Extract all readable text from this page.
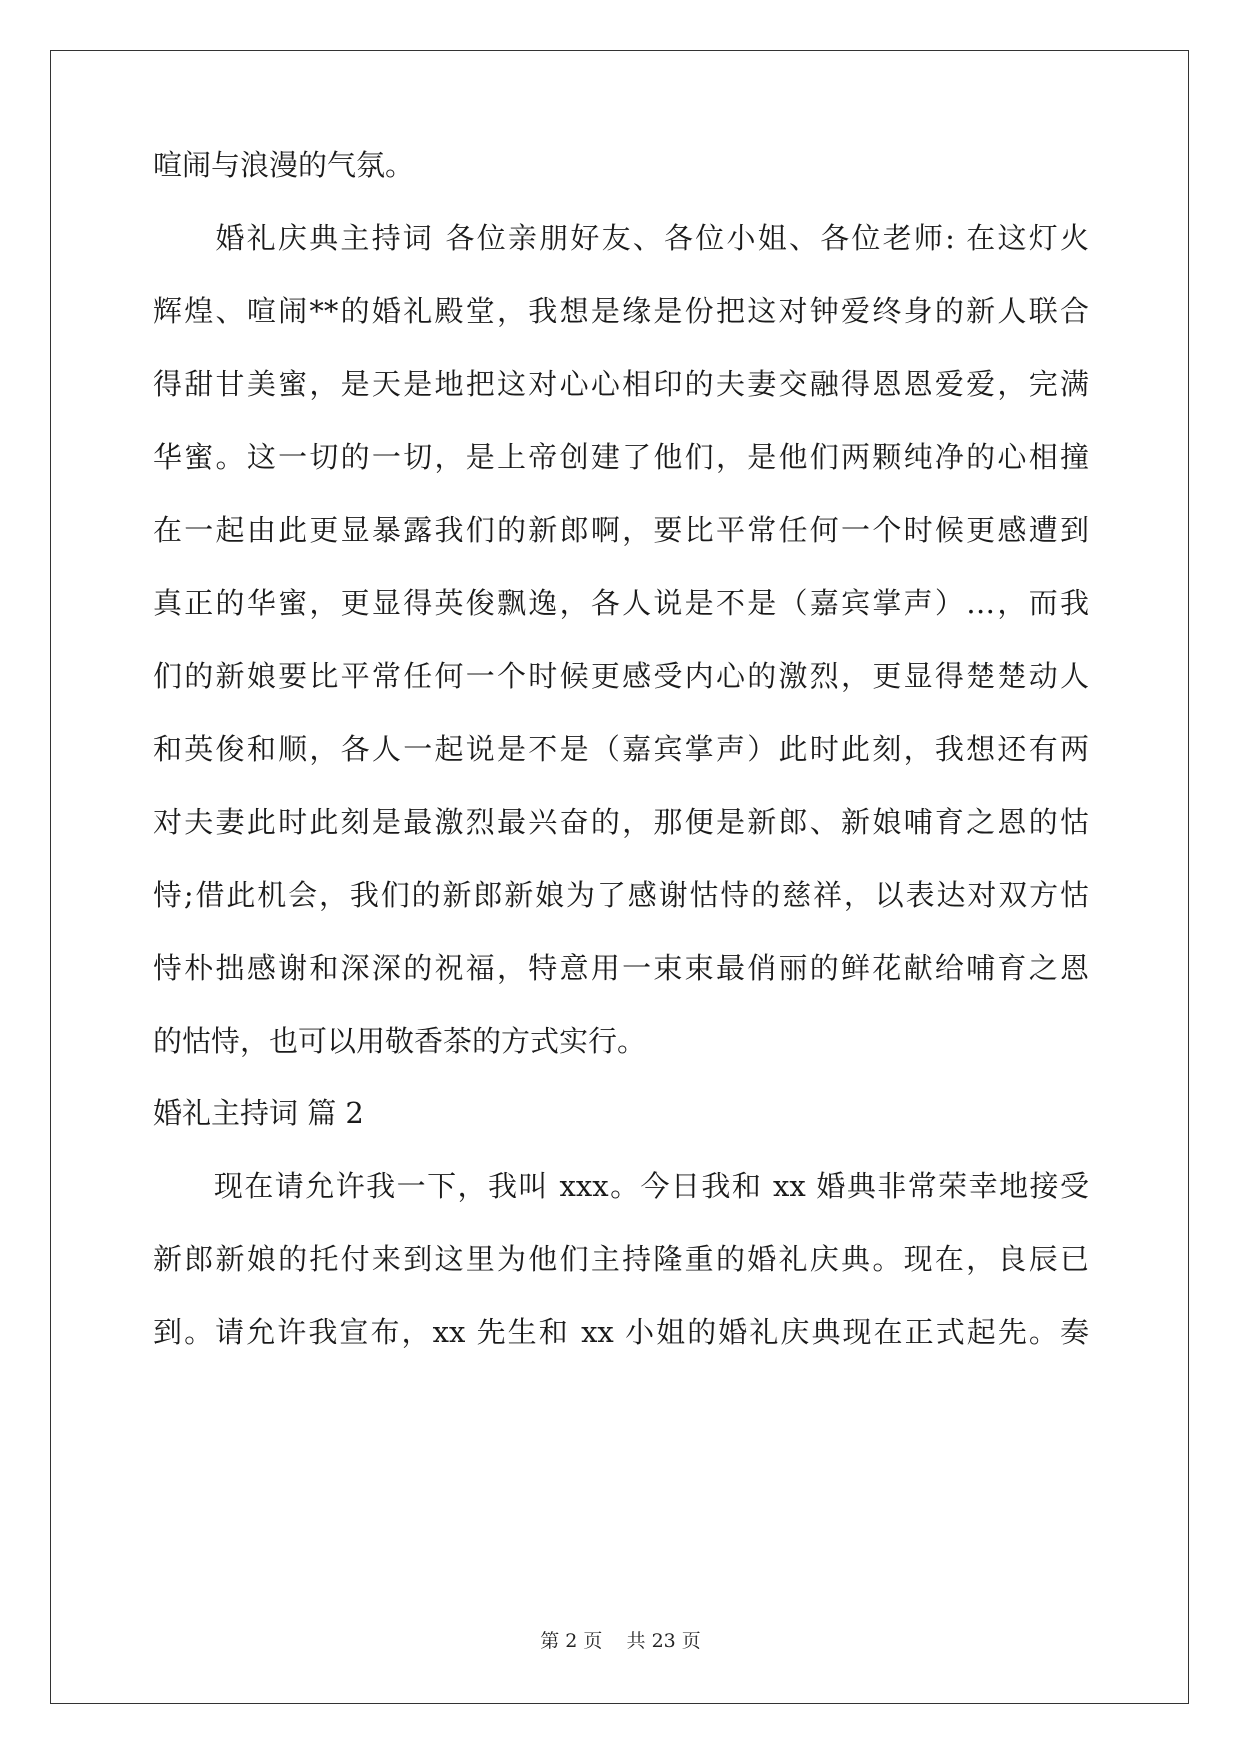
喧闹与浪漫的气氛。
　　婚礼庆典主持词 各位亲朋好友、各位小姐、各位老师: 在这灯火
辉煌、喧闹**的婚礼殿堂，我想是缘是份把这对钟爱终身的新人联合
得甜甘美蜜，是天是地把这对心心相印的夫妻交融得恩恩爱爱，完满
华蜜。这一切的一切，是上帝创建了他们，是他们两颗纯净的心相撞
在一起由此更显暴露我们的新郎啊，要比平常任何一个时候更感遭到
真正的华蜜，更显得英俊飘逸，各人说是不是（嘉宾掌声）…，而我
们的新娘要比平常任何一个时候更感受内心的激烈，更显得楚楚动人
和英俊和顺，各人一起说是不是（嘉宾掌声）此时此刻，我想还有两
对夫妻此时此刻是最激烈最兴奋的，那便是新郎、新娘哺育之恩的怙
恃;借此机会，我们的新郎新娘为了感谢怙恃的慈祥，以表达对双方怙
恃朴拙感谢和深深的祝福，特意用一束束最俏丽的鲜花献给哺育之恩
的怙恃，也可以用敬香茶的方式实行。
婚礼主持词 篇 2
　　现在请允许我一下，我叫 xxx。今日我和 xx 婚典非常荣幸地接受
新郎新娘的托付来到这里为他们主持隆重的婚礼庆典。现在，良辰已
到。请允许我宣布，xx 先生和 xx 小姐的婚礼庆典现在正式起先。奏
第 2 页 共 23 页
